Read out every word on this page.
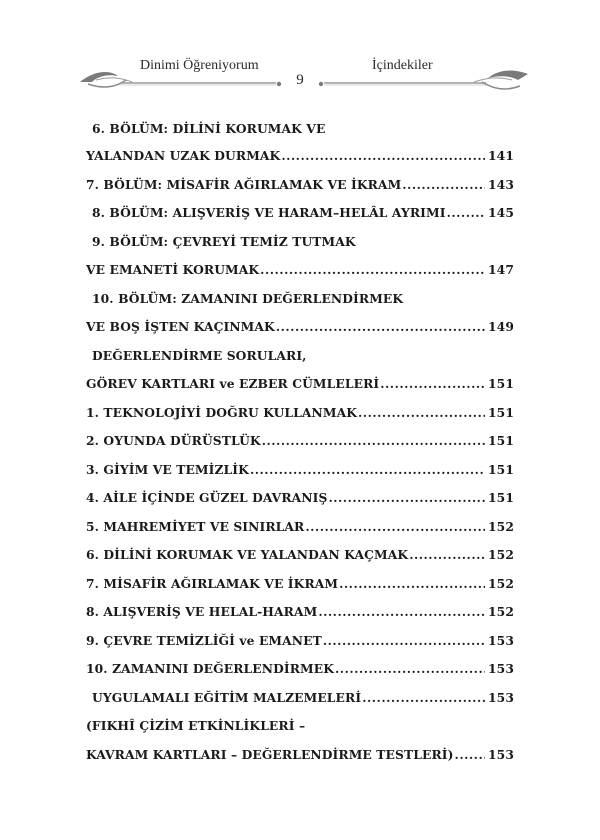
Dinimi Öğreniyorum	İçindekiler
9
6. BÖLÜM: DİLİNİ KORUMAK VE
YALANDAN UZAK DURMAK .....	141
7. BÖLÜM: MİSAFİR AĞIRLAMAK VE İKRAM .....	143
8. BÖLÜM: ALIŞVERİŞ VE HARAM–HELÂL AYRIMI .....	145
9. BÖLÜM: ÇEVREYİ TEMİZ TUTMAK
VE EMANETİ KORUMAK .....	147
10. BÖLÜM: ZAMANINI DEĞERLENDİRMEK
VE BOŞ İŞTEN KAÇINMAK .....	149
DEĞERLENDİRME SORULARI,
GÖREV KARTLARI ve EZBER CÜMLELERİ .....	151
1. TEKNOLOJİYİ DOĞRU KULLANMAK .....	151
2. OYUNDA DÜRÜSTLÜK .....	151
3. GİYİM VE TEMİZLİK .....	151
4. AİLE İÇİNDE GÜZEL DAVRANIŞ .....	151
5. MAHREMİYET VE SINIRLAR .....	152
6. DİLİNİ KORUMAK VE YALANDAN KAÇMAK .....	152
7. MİSAFİR AĞIRLAMAK VE İKRAM .....	152
8. ALIŞVERİŞ VE HELAL-HARAM .....	152
9. ÇEVRE TEMİZLİĞİ ve EMANET .....	153
10. ZAMANINI DEĞERLENDİRMEK .....	153
UYGULAMALI EĞİTİM MALZEMELERİ .....	153
(FIKHÎ ÇİZİM ETKİNLİKLERİ –
KAVRAM KARTLARI – DEĞERLENDİRME TESTLERİ) .....	153
